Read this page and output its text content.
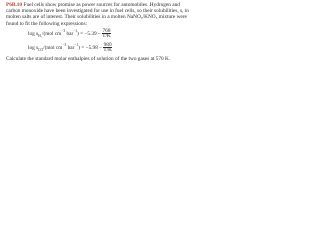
P6B.10 Fuel cells show promise as power sources for automobiles. Hydrogen and carbon monoxide have been investigated for use in fuel cells, so their solubilities, s, in molten salts are of interest. Their solubilities in a molten NaNO₃/KNO₃ mixture were found to fit the following expressions:

$\log s_{H_2}/(mol$ $cm^{-3}$ $bar^{-1}) = -5.39 - \frac{768}{T/K}$
$\log s_{CO}/(mol$ $cm^{-3}$ $bar^{-1}) = -5.98 - \frac{980}{T/K}$

Calculate the standard molar enthalpies of solution of the two gases at 570 K.
